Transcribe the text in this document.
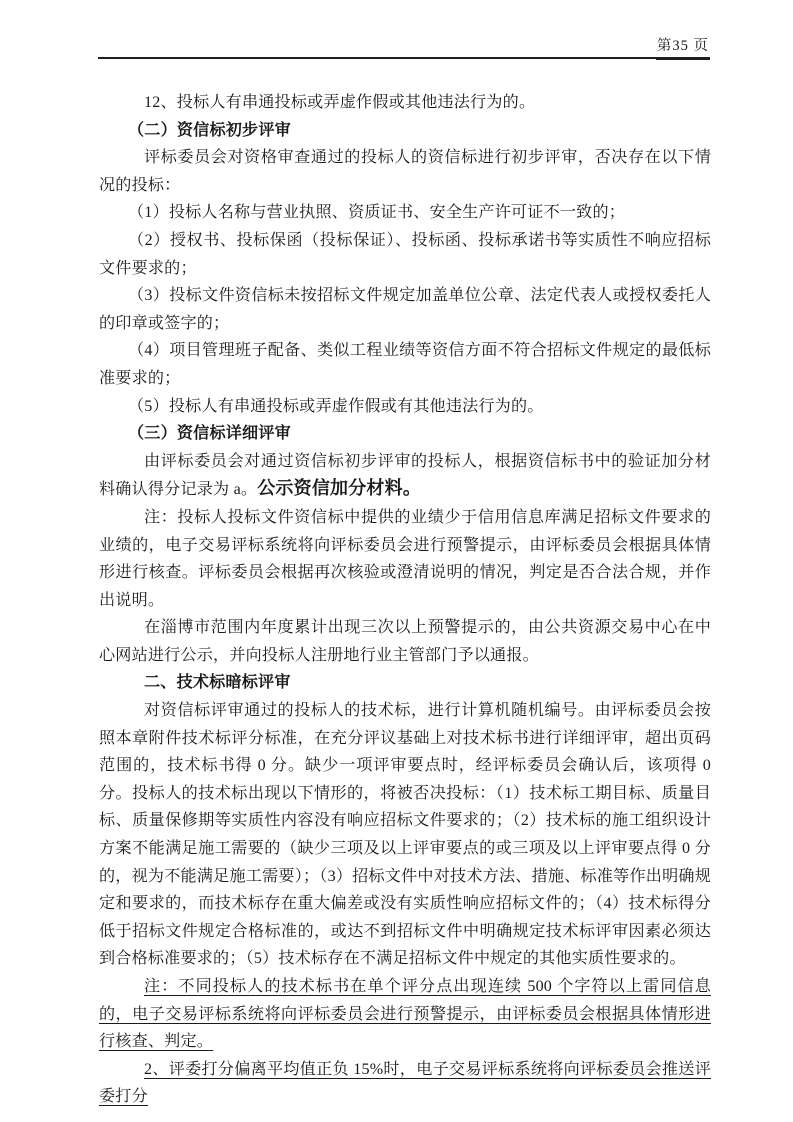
第35 页

12、投标人有串通投标或弄虚作假或其他违法行为的。

（二）资信标初步评审

评标委员会对资格审查通过的投标人的资信标进行初步评审，否决存在以下情况的投标：

（1）投标人名称与营业执照、资质证书、安全生产许可证不一致的；

（2）授权书、投标保函（投标保证）、投标函、投标承诺书等实质性不响应招标文件要求的；

（3）投标文件资信标未按招标文件规定加盖单位公章、法定代表人或授权委托人的印章或签字的；

（4）项目管理班子配备、类似工程业绩等资信方面不符合招标文件规定的最低标准要求的；

（5）投标人有串通投标或弄虚作假或有其他违法行为的。

（三）资信标详细评审

由评标委员会对通过资信标初步评审的投标人，根据资信标书中的验证加分材料确认得分记录为 a。公示资信加分材料。

注：投标人投标文件资信标中提供的业绩少于信用信息库满足招标文件要求的业绩的，电子交易评标系统将向评标委员会进行预警提示，由评标委员会根据具体情形进行核查。评标委员会根据再次核验或澄清说明的情况，判定是否合法合规，并作出说明。

在淄博市范围内年度累计出现三次以上预警提示的，由公共资源交易中心在中心网站进行公示，并向投标人注册地行业主管部门予以通报。

二、技术标暗标评审

对资信标评审通过的投标人的技术标，进行计算机随机编号。由评标委员会按照本章附件技术标评分标准，在充分评议基础上对技术标书进行详细评审，超出页码范围的，技术标书得 0 分。缺少一项评审要点时，经评标委员会确认后，该项得 0 分。投标人的技术标出现以下情形的，将被否决投标：（1）技术标工期目标、质量目标、质量保修期等实质性内容没有响应招标文件要求的；（2）技术标的施工组织设计方案不能满足施工需要的（缺少三项及以上评审要点的或三项及以上评审要点得 0 分的，视为不能满足施工需要）；（3）招标文件中对技术方法、措施、标准等作出明确规定和要求的，而技术标存在重大偏差或没有实质性响应招标文件的；（4）技术标得分低于招标文件规定合格标准的，或达不到招标文件中明确规定技术标评审因素必须达到合格标准要求的；（5）技术标存在不满足招标文件中规定的其他实质性要求的。

注：不同投标人的技术标书在单个评分点出现连续 500 个字符以上雷同信息的，电子交易评标系统将向评标委员会进行预警提示，由评标委员会根据具体情形进行核查、判定。

2、评委打分偏离平均值正负 15%时，电子交易评标系统将向评标委员会推送评委打分
